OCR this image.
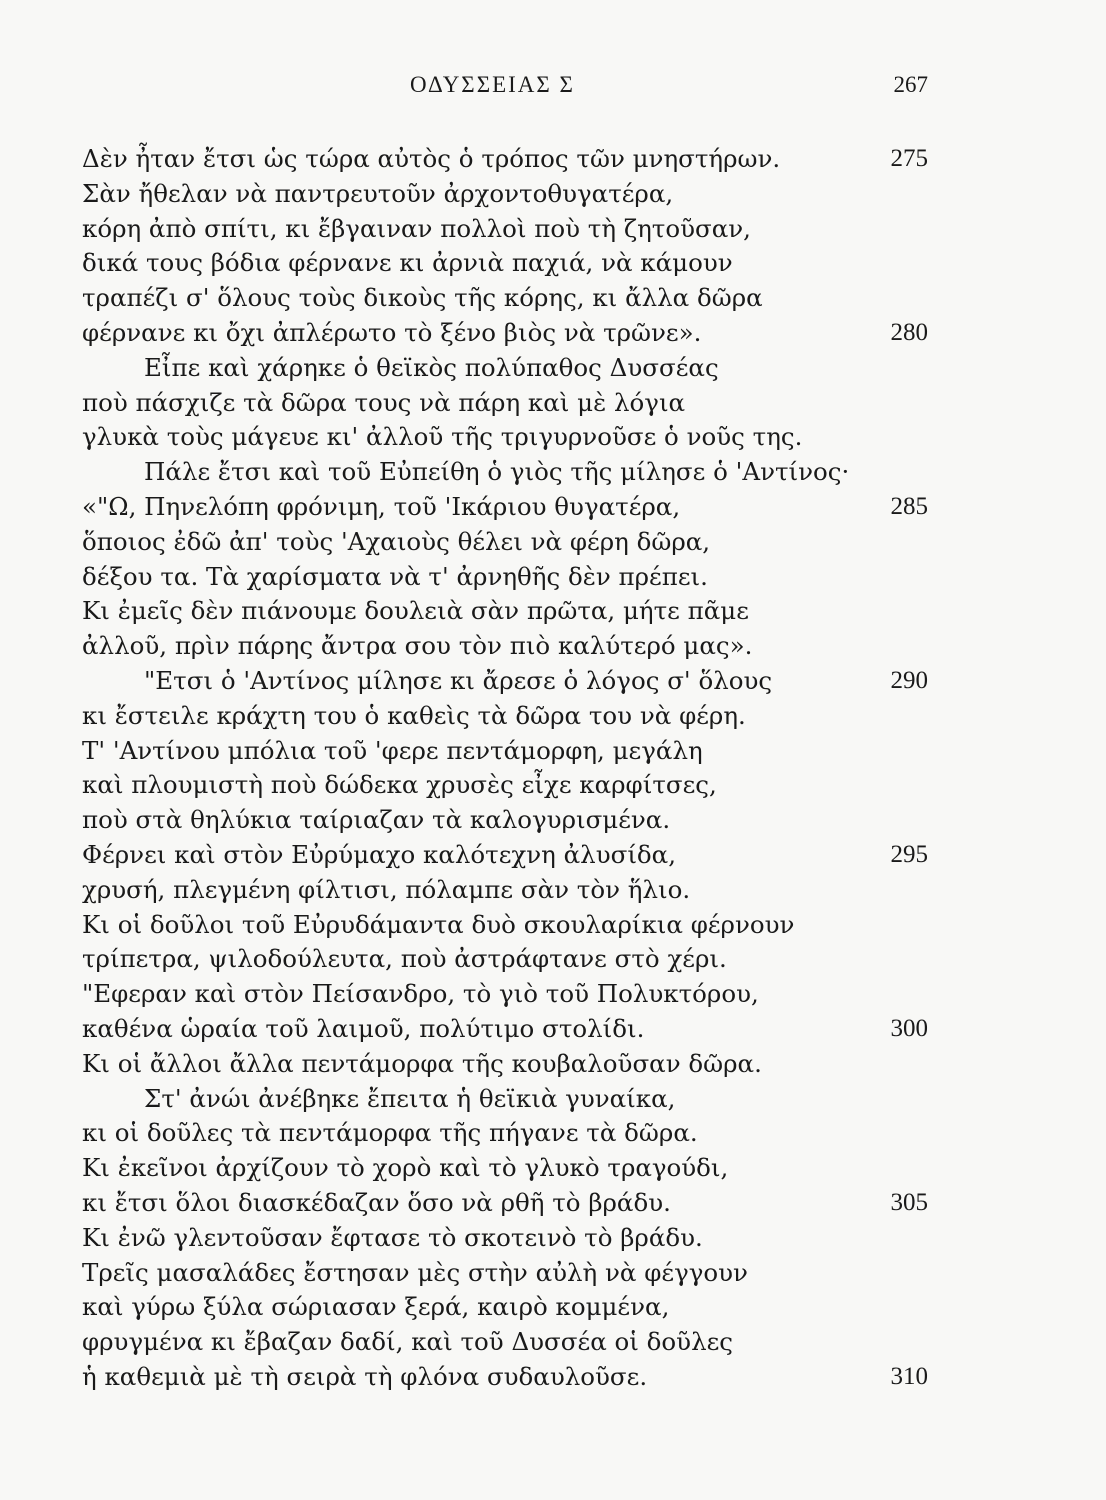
ΟΔΥΣΣΕΙΑΣ Σ	267
Δὲν ἦταν ἔτσι ὡς τώρα αὐτὸς ὁ τρόπος τῶν μνηστήρων.	275
Σὰν ἤθελαν νὰ παντρευτοῦν ἀρχοντοθυγατέρα,
κόρη ἀπὸ σπίτι, κι ἔβγαιναν πολλοὶ ποὺ τὴ ζητοῦσαν,
δικά τους βόδια φέρνανε κι ἀρνιὰ παχιά, νὰ κάμουν
τραπέζι σ' ὅλους τοὺς δικοὺς τῆς κόρης, κι ἄλλα δῶρα
φέρνανε κι ὄχι ἀπλέρωτο τὸ ξένο βιὸς νὰ τρῶνε».	280
Εἶπε καὶ χάρηκε ὁ θεϊκὸς πολύπαθος Δυσσέας
ποὺ πάσχιζε τὰ δῶρα τους νὰ πάρη καὶ μὲ λόγια
γλυκὰ τοὺς μάγευε κι' ἀλλοῦ τῆς τριγυρνοῦσε ὁ νοῦς της.
Πάλε ἔτσι καὶ τοῦ Εὐπείθη ὁ γιὸς τῆς μίλησε ὁ 'Αντίνος·
«"Ω, Πηνελόπη φρόνιμη, τοῦ 'Ικάριου θυγατέρα,	285
ὅποιος ἐδῶ ἀπ' τοὺς 'Αχαιοὺς θέλει νὰ φέρη δῶρα,
δέξου τα. Τὰ χαρίσματα νὰ τ' ἀρνηθῆς δὲν πρέπει.
Κι ἐμεῖς δὲν πιάνουμε δουλειὰ σὰν πρῶτα, μήτε πᾶμε
ἀλλοῦ, πρὶν πάρης ἄντρα σου τὸν πιὸ καλύτερό μας».
"Ετσι ὁ 'Αντίνος μίλησε κι ἄρεσε ὁ λόγος σ' ὅλους	290
κι ἔστειλε κράχτη του ὁ καθεὶς τὰ δῶρα του νὰ φέρη.
Τ' 'Αντίνου μπόλια τοῦ 'φερε πεντάμορφη, μεγάλη
καὶ πλουμιστὴ ποὺ δώδεκα χρυσὲς εἶχε καρφίτσες,
ποὺ στὰ θηλύκια ταίριαζαν τὰ καλογυρισμένα.
Φέρνει καὶ στὸν Εὐρύμαχο καλότεχνη ἀλυσίδα,	295
χρυσή, πλεγμένη φίλτισι, πόλαμπε σὰν τὸν ἥλιο.
Κι οἱ δοῦλοι τοῦ Εὐρυδάμαντα δυὸ σκουλαρίκια φέρνουν
τρίπετρα, ψιλοδούλευτα, ποὺ ἀστράφτανε στὸ χέρι.
"Εφεραν καὶ στὸν Πείσανδρο, τὸ γιὸ τοῦ Πολυκτόρου,
καθένα ὡραία τοῦ λαιμοῦ, πολύτιμο στολίδι.	300
Κι οἱ ἄλλοι ἄλλα πεντάμορφα τῆς κουβαλοῦσαν δῶρα.
Στ' ἀνώι ἀνέβηκε ἔπειτα ἡ θεϊκιὰ γυναίκα,
κι οἱ δοῦλες τὰ πεντάμορφα τῆς πήγανε τὰ δῶρα.
Κι ἐκεῖνοι ἀρχίζουν τὸ χορὸ καὶ τὸ γλυκὸ τραγούδι,
κι ἔτσι ὅλοι διασκέδαζαν ὅσο νὰ ρθῆ τὸ βράδυ.	305
Κι ἐνῶ γλεντοῦσαν ἔφτασε τὸ σκοτεινὸ τὸ βράδυ.
Τρεῖς μασαλάδες ἔστησαν μὲς στὴν αὐλὴ νὰ φέγγουν
καὶ γύρω ξύλα σώριασαν ξερά, καιρὸ κομμένα,
φρυγμένα κι ἔβαζαν δαδί, καὶ τοῦ Δυσσέα οἱ δοῦλες
ἡ καθεμιὰ μὲ τὴ σειρὰ τὴ φλόνα συδαυλοῦσε.	310
